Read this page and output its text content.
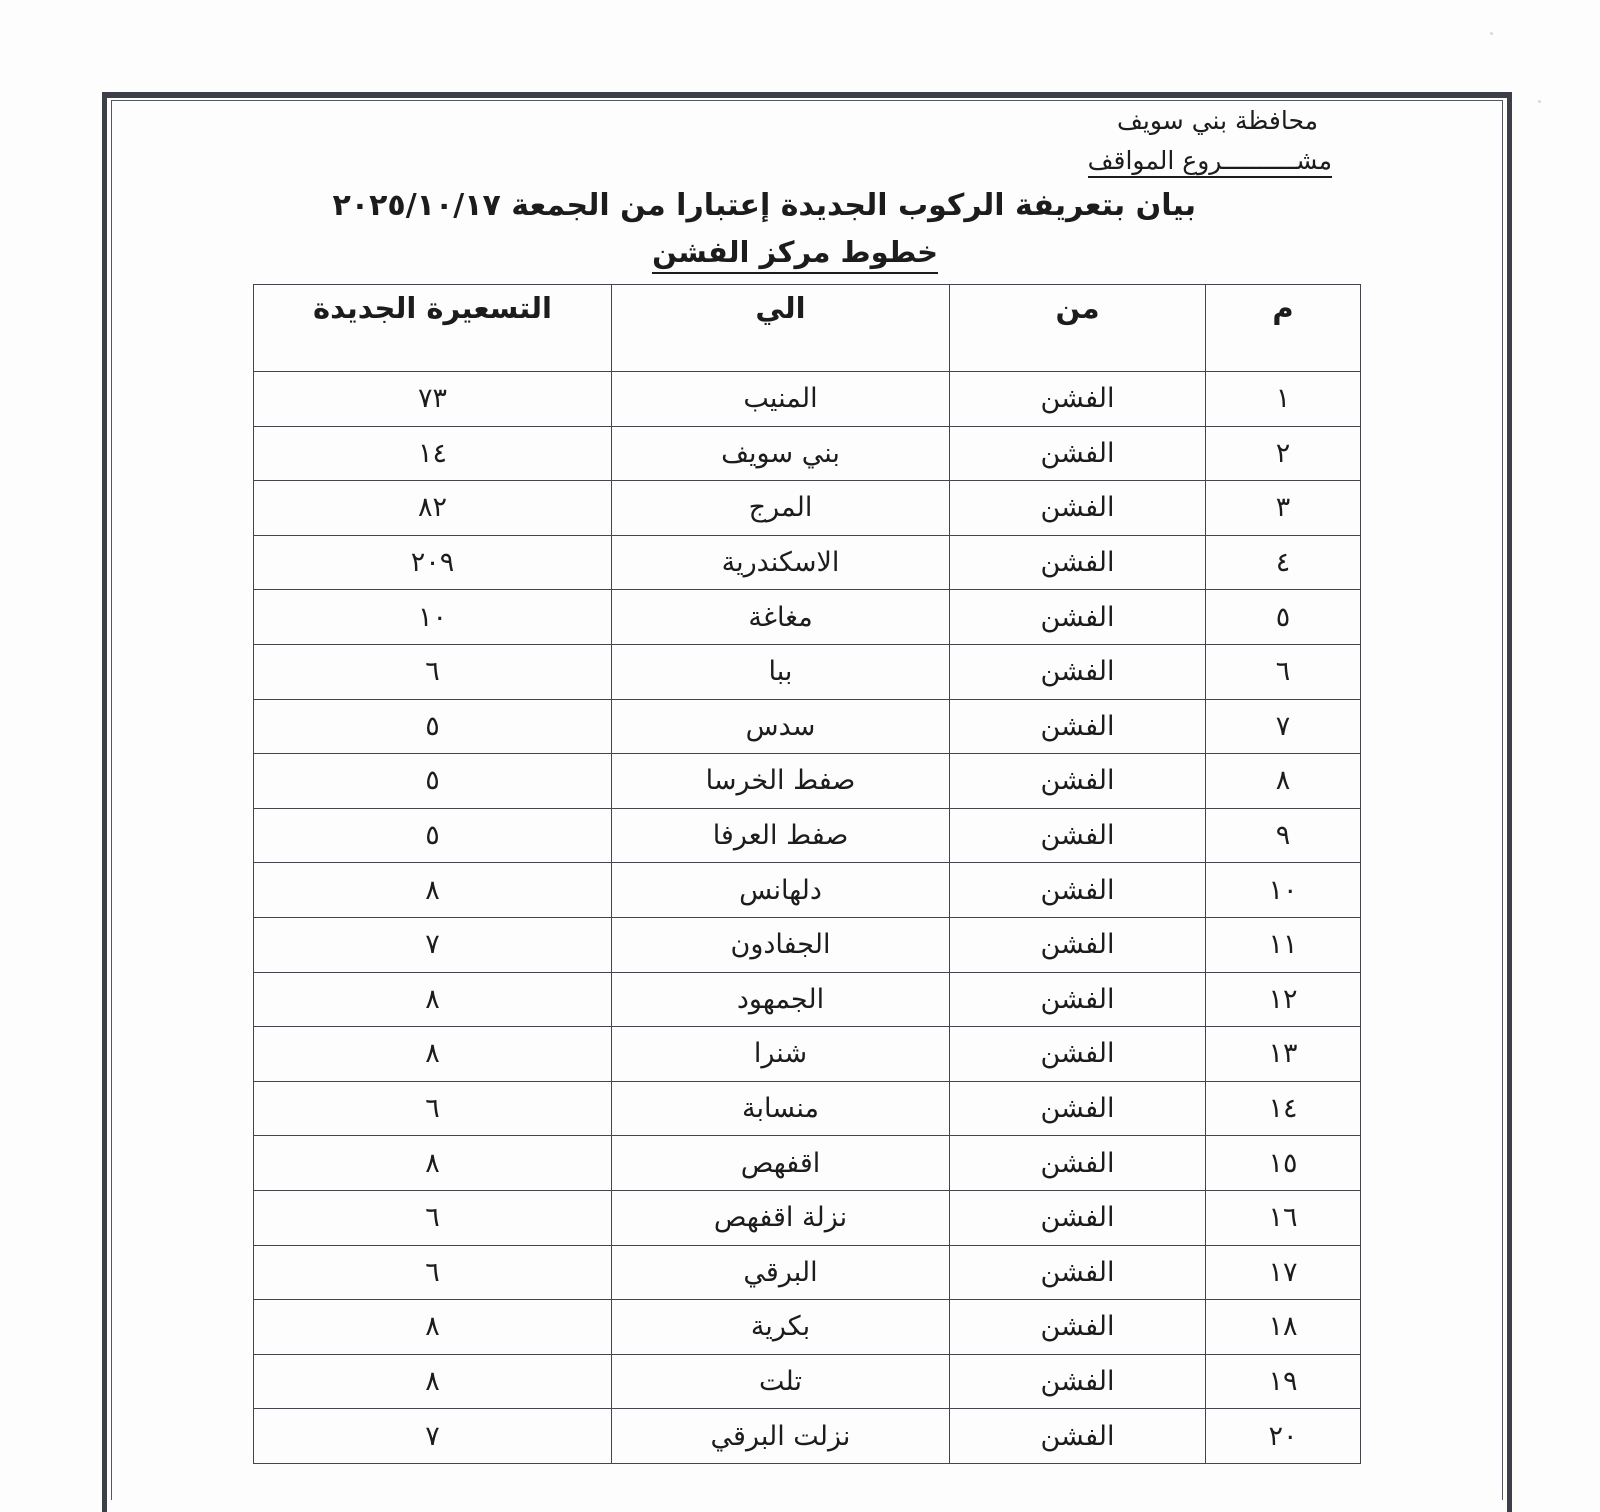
محافظة بني سويف
مشــــــــــروع المواقف
بيان بتعريفة الركوب الجديدة إعتبارا من الجمعة ٢٠٢٥/١٠/١٧
خطوط مركز الفشن
م	من	الي	التسعيرة الجديدة
١	الفشن	المنيب	٧٣
٢	الفشن	بني سويف	١٤
٣	الفشن	المرج	٨٢
٤	الفشن	الاسكندرية	٢٠٩
٥	الفشن	مغاغة	١٠
٦	الفشن	ببا	٦
٧	الفشن	سدس	٥
٨	الفشن	صفط الخرسا	٥
٩	الفشن	صفط العرفا	٥
١٠	الفشن	دلهانس	٨
١١	الفشن	الجفادون	٧
١٢	الفشن	الجمهود	٨
١٣	الفشن	شنرا	٨
١٤	الفشن	منسابة	٦
١٥	الفشن	اقفهص	٨
١٦	الفشن	نزلة اقفهص	٦
١٧	الفشن	البرقي	٦
١٨	الفشن	بكرية	٨
١٩	الفشن	تلت	٨
٢٠	الفشن	نزلت البرقي	٧
